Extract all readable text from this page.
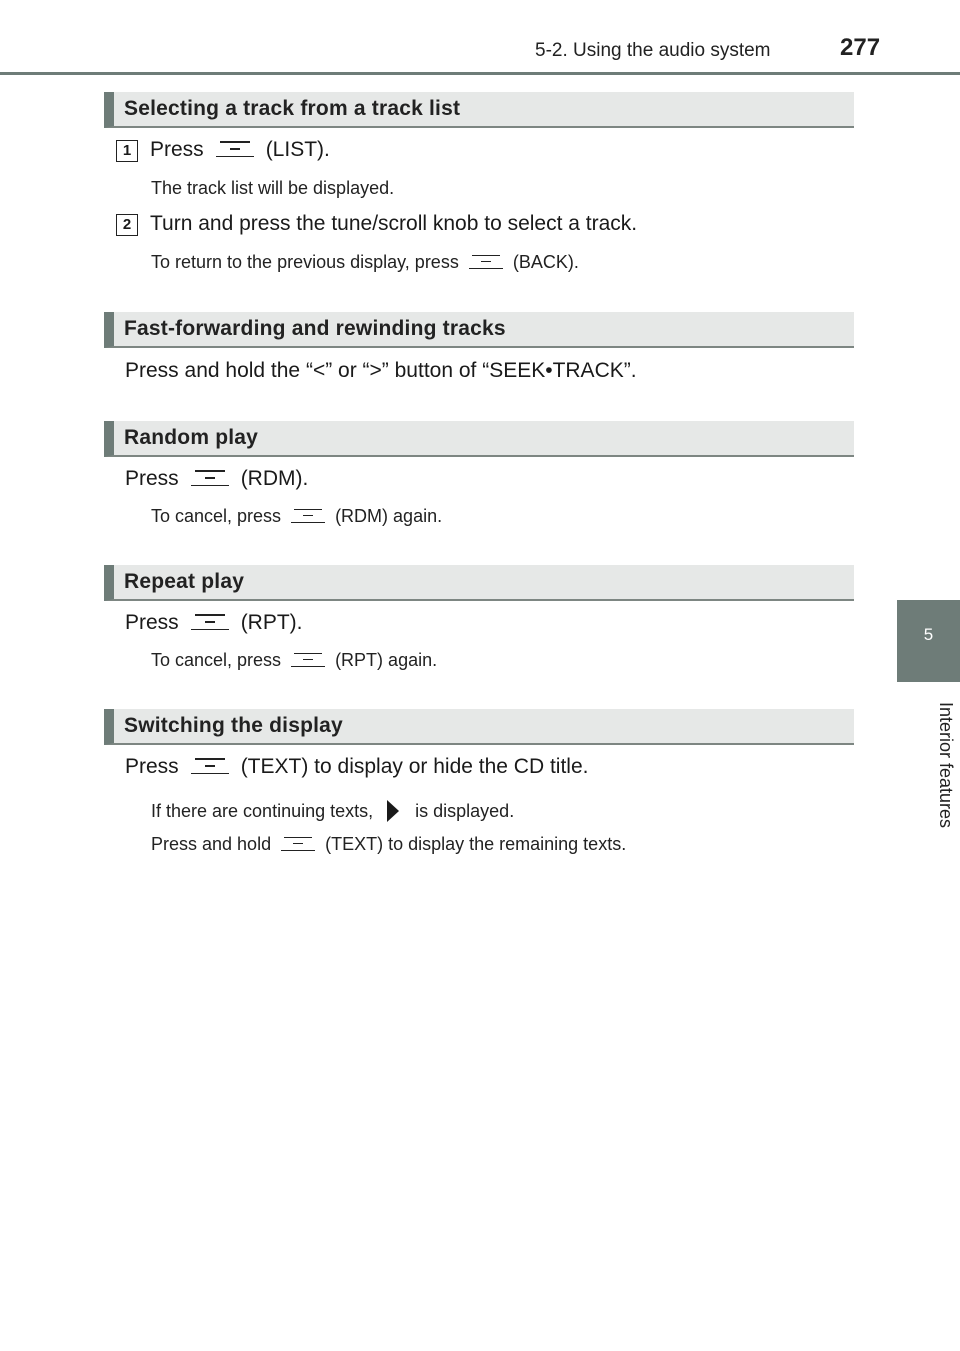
5-2. Using the audio system	277
5
Interior features
Selecting a track from a track list
1 Press	(LIST).
The track list will be displayed.
2 Turn and press the tune/scroll knob to select a track.
To return to the previous display, press	(BACK).
Fast-forwarding and rewinding tracks
Press and hold the “<” or “>” button of “SEEK•TRACK”.
Random play
Press	(RDM).
To cancel, press	(RDM) again.
Repeat play
Press	(RPT).
To cancel, press	(RPT) again.
Switching the display
Press	(TEXT) to display or hide the CD title.
If there are continuing texts, is displayed.
Press and hold	(TEXT) to display the remaining texts.
